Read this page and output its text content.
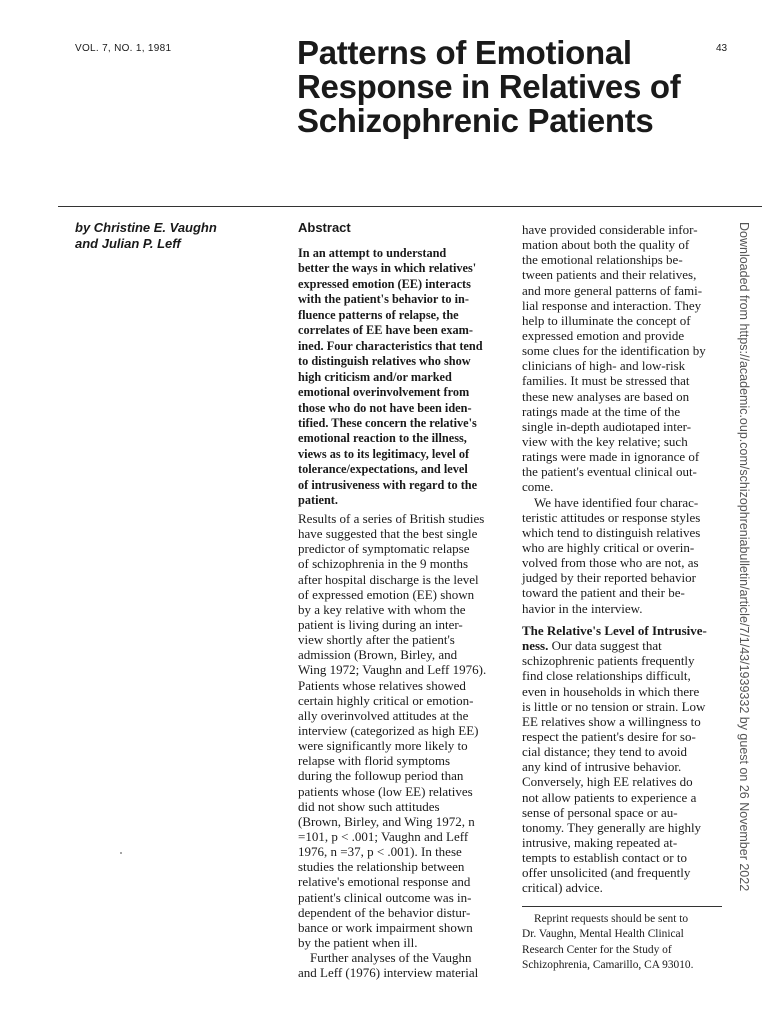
VOL. 7, NO. 1, 1981	43
Patterns of Emotional
Response in Relatives of
Schizophrenic Patients
by Christine E. Vaughn
and Julian P. Leff
Abstract
In an attempt to understand
better the ways in which relatives'
expressed emotion (EE) interacts
with the patient's behavior to in-
fluence patterns of relapse, the
correlates of EE have been exam-
ined. Four characteristics that tend
to distinguish relatives who show
high criticism and/or marked
emotional overinvolvement from
those who do not have been iden-
tified. These concern the relative's
emotional reaction to the illness,
views as to its legitimacy, level of
tolerance/expectations, and level
of intrusiveness with regard to the
patient.
Results of a series of British studies
have suggested that the best single
predictor of symptomatic relapse
of schizophrenia in the 9 months
after hospital discharge is the level
of expressed emotion (EE) shown
by a key relative with whom the
patient is living during an inter-
view shortly after the patient's
admission (Brown, Birley, and
Wing 1972; Vaughn and Leff 1976).
Patients whose relatives showed
certain highly critical or emotion-
ally overinvolved attitudes at the
interview (categorized as high EE)
were significantly more likely to
relapse with florid symptoms
during the followup period than
patients whose (low EE) relatives
did not show such attitudes
(Brown, Birley, and Wing 1972, n
=101, p < .001; Vaughn and Leff
1976, n =37, p < .001). In these
studies the relationship between
relative's emotional response and
patient's clinical outcome was in-
dependent of the behavior distur-
bance or work impairment shown
by the patient when ill.
Further analyses of the Vaughn
and Leff (1976) interview material
have provided considerable infor-
mation about both the quality of
the emotional relationships be-
tween patients and their relatives,
and more general patterns of fami-
lial response and interaction. They
help to illuminate the concept of
expressed emotion and provide
some clues for the identification by
clinicians of high- and low-risk
families. It must be stressed that
these new analyses are based on
ratings made at the time of the
single in-depth audiotaped inter-
view with the key relative; such
ratings were made in ignorance of
the patient's eventual clinical out-
come.
We have identified four charac-
teristic attitudes or response styles
which tend to distinguish relatives
who are highly critical or overin-
volved from those who are not, as
judged by their reported behavior
toward the patient and their be-
havior in the interview.
The Relative's Level of Intrusive-
ness. Our data suggest that
schizophrenic patients frequently
find close relationships difficult,
even in households in which there
is little or no tension or strain. Low
EE relatives show a willingness to
respect the patient's desire for so-
cial distance; they tend to avoid
any kind of intrusive behavior.
Conversely, high EE relatives do
not allow patients to experience a
sense of personal space or au-
tonomy. They generally are highly
intrusive, making repeated at-
tempts to establish contact or to
offer unsolicited (and frequently
critical) advice.
Reprint requests should be sent to
Dr. Vaughn, Mental Health Clinical
Research Center for the Study of
Schizophrenia, Camarillo, CA 93010.
Downloaded from https://academic.oup.com/schizophreniabulletin/article/7/1/43/1939332 by guest on 26 November 2022
